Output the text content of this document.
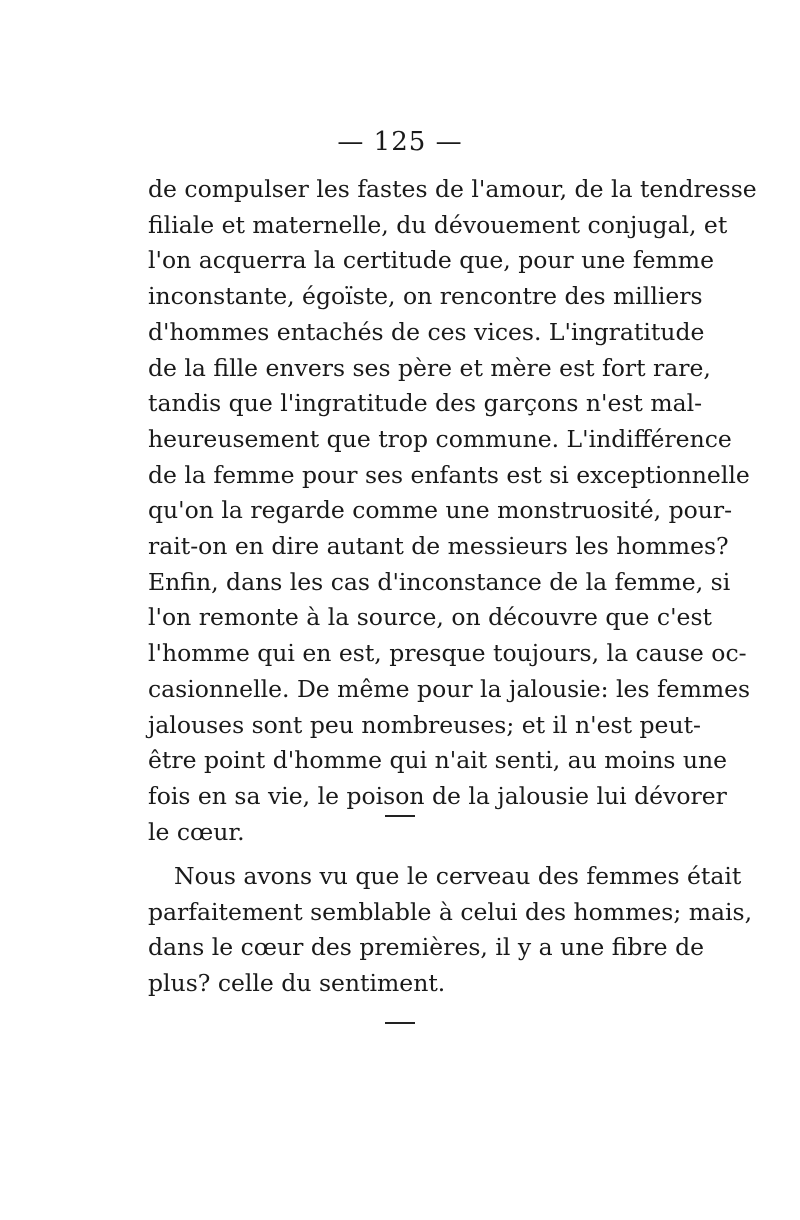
— 125 —
de compulser les fastes de l'amour, de la tendresse
filiale et maternelle, du dévouement conjugal, et
l'on acquerra la certitude que, pour une femme
inconstante, égoïste, on rencontre des milliers
d'hommes entachés de ces vices. L'ingratitude
de la fille envers ses père et mère est fort rare,
tandis que l'ingratitude des garçons n'est mal-
heureusement que trop commune. L'indifférence
de la femme pour ses enfants est si exceptionnelle
qu'on la regarde comme une monstruosité, pour-
rait-on en dire autant de messieurs les hommes?
Enfin, dans les cas d'inconstance de la femme, si
l'on remonte à la source, on découvre que c'est
l'homme qui en est, presque toujours, la cause oc-
casionnelle. De même pour la jalousie: les femmes
jalouses sont peu nombreuses; et il n'est peut-
être point d'homme qui n'ait senti, au moins une
fois en sa vie, le poison de la jalousie lui dévorer
le cœur.
Nous avons vu que le cerveau des femmes était
parfaitement semblable à celui des hommes; mais,
dans le cœur des premières, il y a une fibre de
plus? celle du sentiment.
